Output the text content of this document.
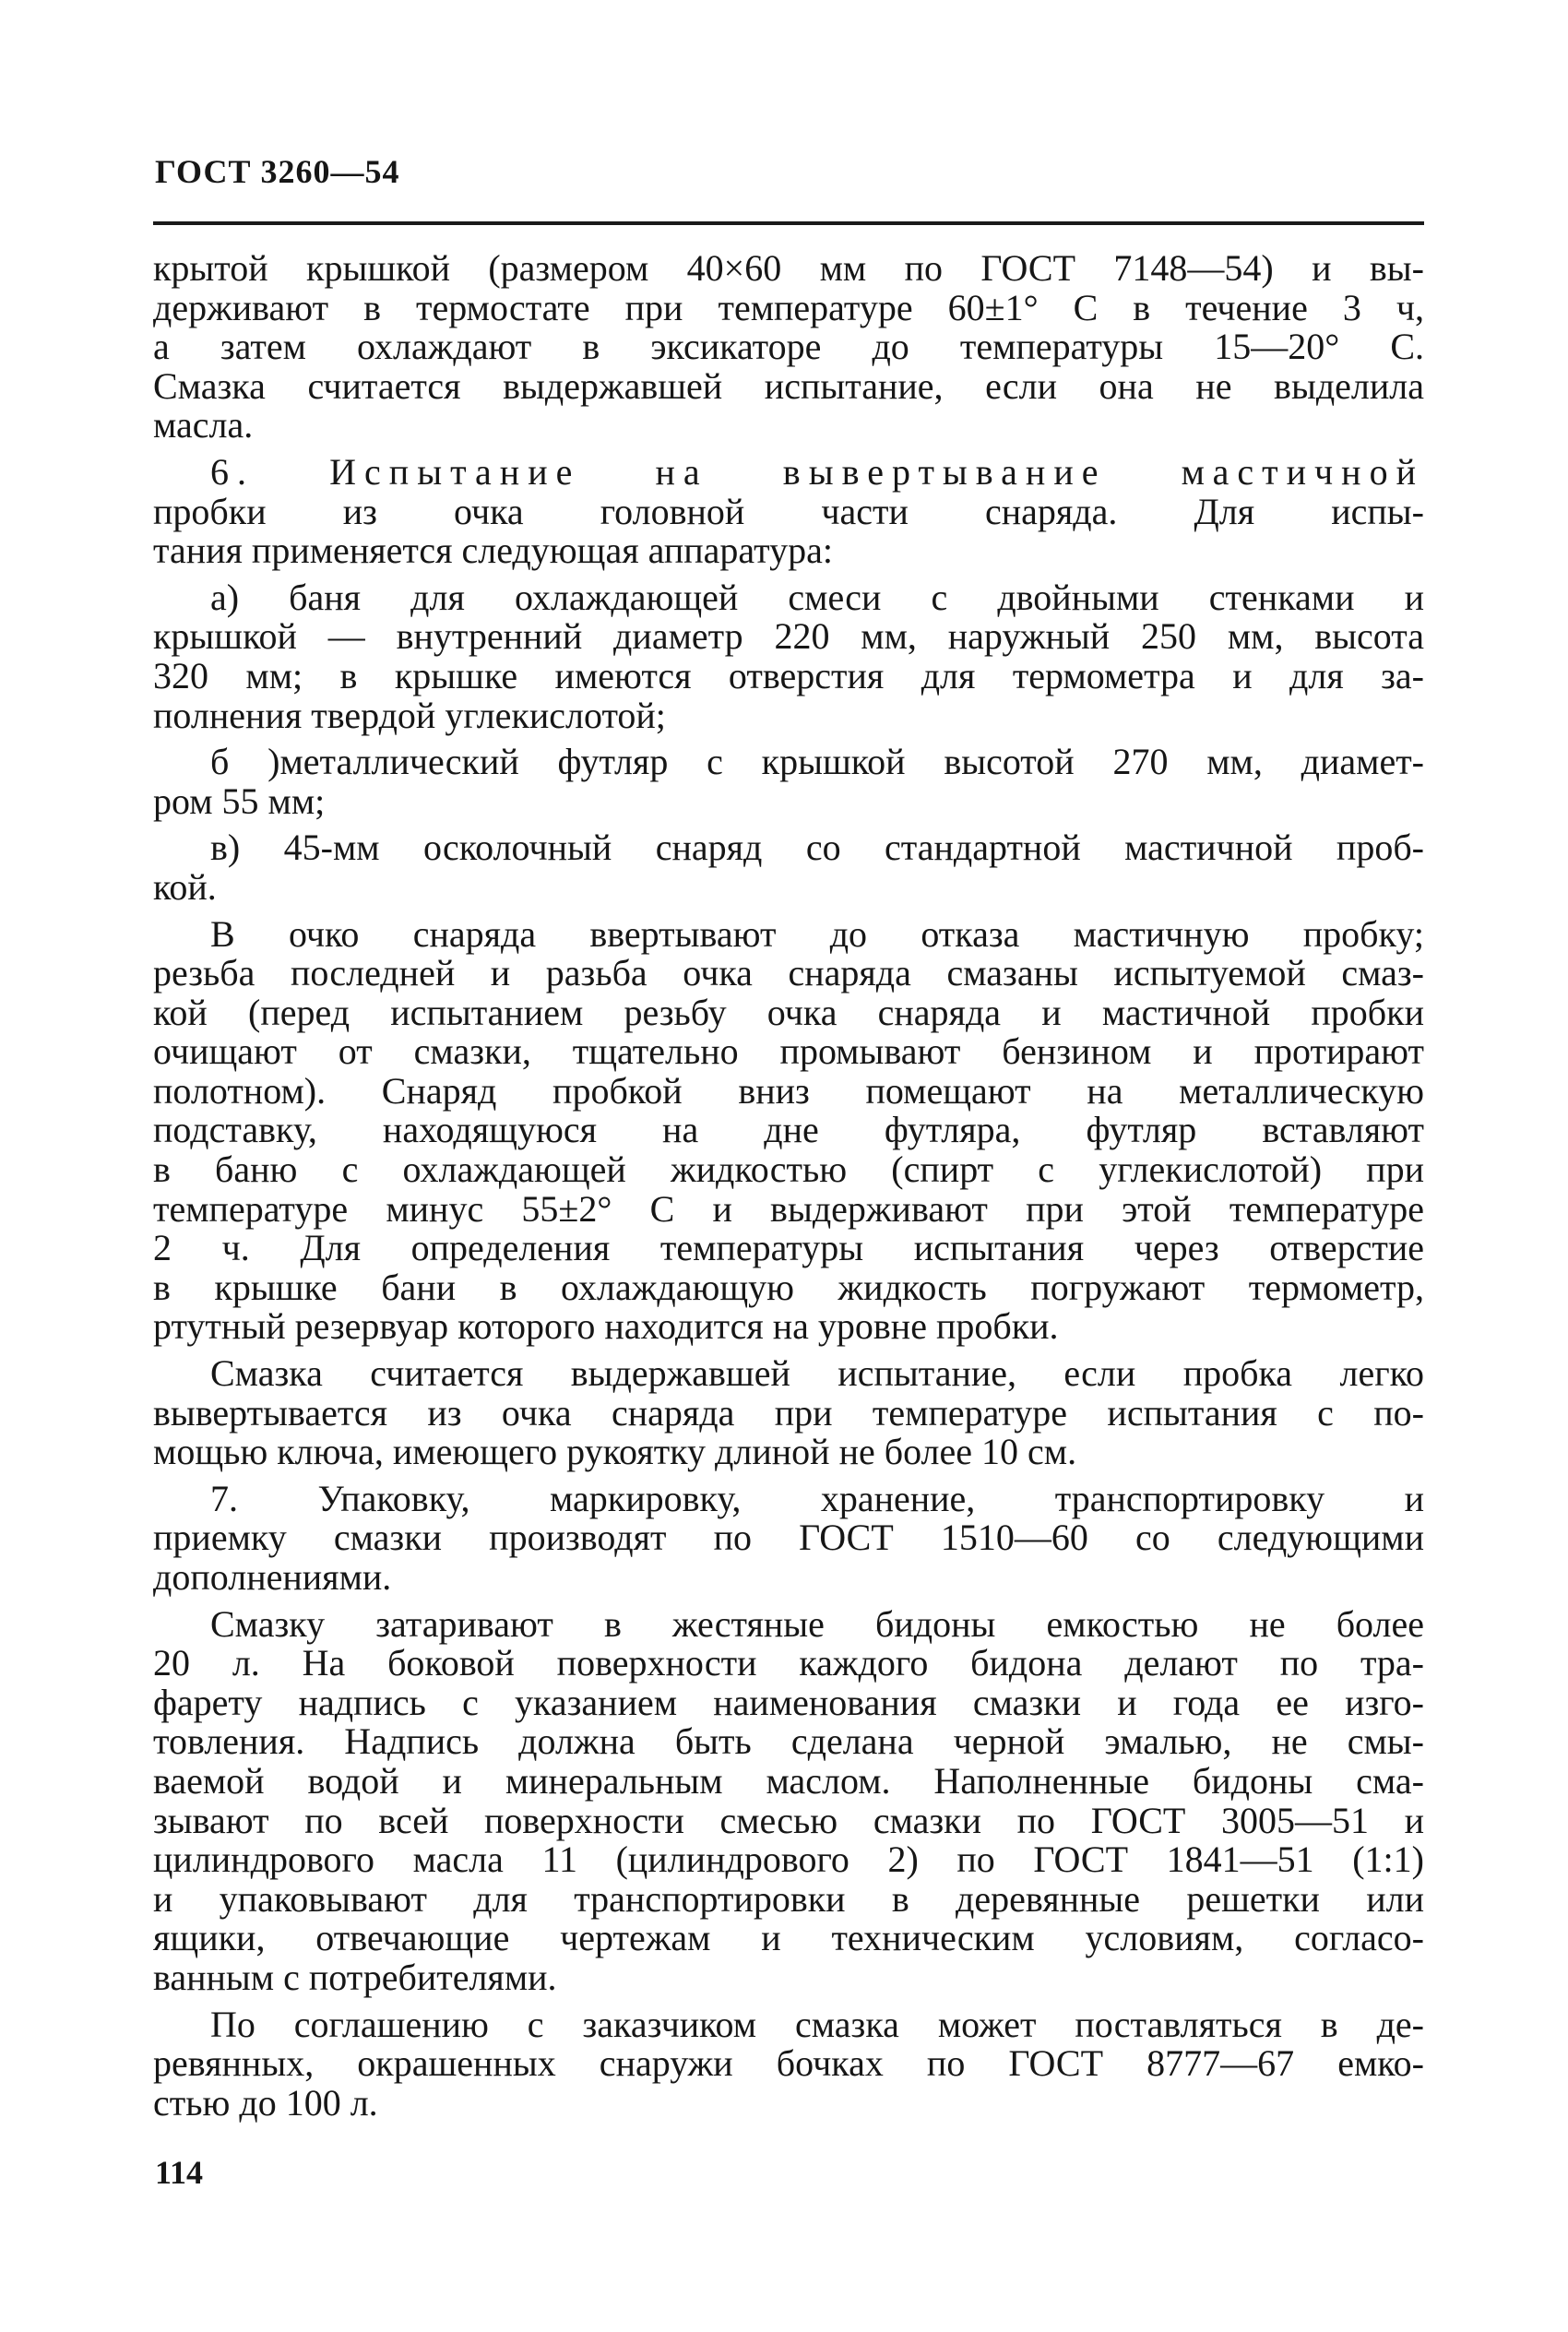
ГОСТ 3260—54
крытой крышкой (размером 40×60 мм по ГОСТ 7148—54) и вы-
держивают в термостате при температуре 60±1° С в течение 3 ч,
а затем охлаждают в эксикаторе до температуры 15—20° С.
Смазка считается выдержавшей испытание, если она не выделила
масла.
6. Испытание на вывертывание мастичной
пробки из очка головной части снаряда. Для испы-
тания применяется следующая аппаратура:
а) баня для охлаждающей смеси с двойными стенками и
крышкой — внутренний диаметр 220 мм, наружный 250 мм, высота
320 мм; в крышке имеются отверстия для термометра и для за-
полнения твердой углекислотой;
б )металлический футляр с крышкой высотой 270 мм, диамет-
ром 55 мм;
в) 45-мм осколочный снаряд со стандартной мастичной проб-
кой.
В очко снаряда ввертывают до отказа мастичную пробку;
резьба последней и разьба очка снаряда смазаны испытуемой смаз-
кой (перед испытанием резьбу очка снаряда и мастичной пробки
очищают от смазки, тщательно промывают бензином и протирают
полотном). Снаряд пробкой вниз помещают на металлическую
подставку, находящуюся на дне футляра, футляр вставляют
в баню с охлаждающей жидкостью (спирт с углекислотой) при
температуре минус 55±2° С и выдерживают при этой температуре
2 ч. Для определения температуры испытания через отверстие
в крышке бани в охлаждающую жидкость погружают термометр,
ртутный резервуар которого находится на уровне пробки.
Смазка считается выдержавшей испытание, если пробка легко
вывертывается из очка снаряда при температуре испытания с по-
мощью ключа, имеющего рукоятку длиной не более 10 см.
7. Упаковку, маркировку, хранение, транспортировку и
приемку смазки производят по ГОСТ 1510—60 со следующими
дополнениями.
Смазку затаривают в жестяные бидоны емкостью не более
20 л. На боковой поверхности каждого бидона делают по тра-
фарету надпись с указанием наименования смазки и года ее изго-
товления. Надпись должна быть сделана черной эмалью, не смы-
ваемой водой и минеральным маслом. Наполненные бидоны сма-
зывают по всей поверхности смесью смазки по ГОСТ 3005—51 и
цилиндрового масла 11 (цилиндрового 2) по ГОСТ 1841—51 (1:1)
и упаковывают для транспортировки в деревянные решетки или
ящики, отвечающие чертежам и техническим условиям, согласо-
ванным с потребителями.
По соглашению с заказчиком смазка может поставляться в де-
ревянных, окрашенных снаружи бочках по ГОСТ 8777—67 емко-
стью до 100 л.
114
